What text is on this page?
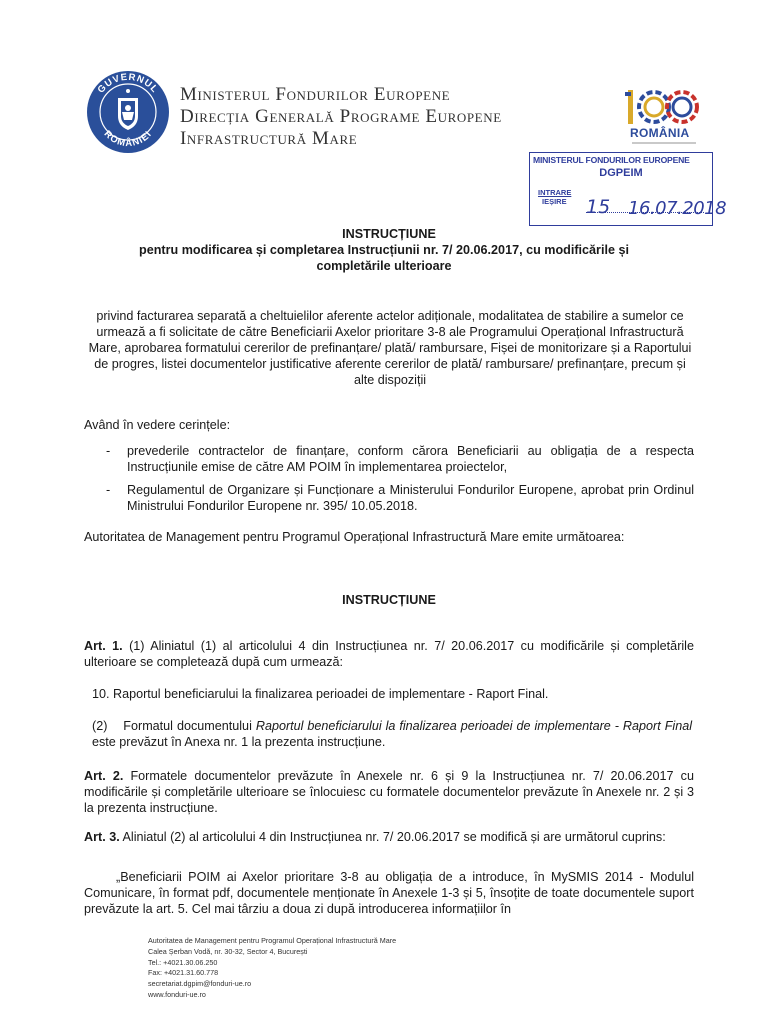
GUVERNUL
ROMÂNIEI
Ministerul Fondurilor Europene
Direcția Generală Programe Europene
Infrastructură Mare	ROMÂNIA
MINISTERUL FONDURILOR EUROPENE
DGPEIM
INTRARE
IEȘIRE 15 16.07.2018
INSTRUCȚIUNE
pentru modificarea și completarea Instrucțiunii nr. 7/ 20.06.2017, cu modificările și completările ulterioare
privind facturarea separată a cheltuielilor aferente actelor adiționale, modalitatea de stabilire a sumelor ce urmează a fi solicitate de către Beneficiarii Axelor prioritare 3-8 ale Programului Operațional Infrastructură Mare, aprobarea formatului cererilor de prefinanțare/ plată/ rambursare, Fișei de monitorizare și a Raportului de progres, listei documentelor justificative aferente cererilor de plată/ rambursare/ prefinanțare, precum și alte dispoziții
Având în vedere cerințele:
- prevederile contractelor de finanțare, conform cărora Beneficiarii au obligația de a respecta Instrucțiunile emise de către AM POIM în implementarea proiectelor,
- Regulamentul de Organizare și Funcționare a Ministerului Fondurilor Europene, aprobat prin Ordinul Ministrului Fondurilor Europene nr. 395/ 10.05.2018.
Autoritatea de Management pentru Programul Operațional Infrastructură Mare emite următoarea:
INSTRUCȚIUNE
Art. 1. (1) Aliniatul (1) al articolului 4 din Instrucțiunea nr. 7/ 20.06.2017 cu modificările și completările ulterioare se completează după cum urmează:
10. Raportul beneficiarului la finalizarea perioadei de implementare - Raport Final.
(2) Formatul documentului Raportul beneficiarului la finalizarea perioadei de implementare - Raport Final este prevăzut în Anexa nr. 1 la prezenta instrucțiune.
Art. 2. Formatele documentelor prevăzute în Anexele nr. 6 și 9 la Instrucțiunea nr. 7/ 20.06.2017 cu modificările și completările ulterioare se înlocuiesc cu formatele documentelor prevăzute în Anexele nr. 2 și 3 la prezenta instrucțiune.
Art. 3. Aliniatul (2) al articolului 4 din Instrucțiunea nr. 7/ 20.06.2017 se modifică și are următorul cuprins:
„Beneficiarii POIM ai Axelor prioritare 3-8 au obligația de a introduce, în MySMIS 2014 - Modulul Comunicare, în format pdf, documentele menționate în Anexele 1-3 și 5, însoțite de toate documentele suport prevăzute la art. 5. Cel mai târziu a doua zi după introducerea informațiilor în
Autoritatea de Management pentru Programul Operațional Infrastructură Mare
Calea Șerban Vodă, nr. 30-32, Sector 4, București
Tel.: +4021.30.06.250
Fax: +4021.31.60.778
secretariat.dgpim@fonduri-ue.ro
www.fonduri-ue.ro
